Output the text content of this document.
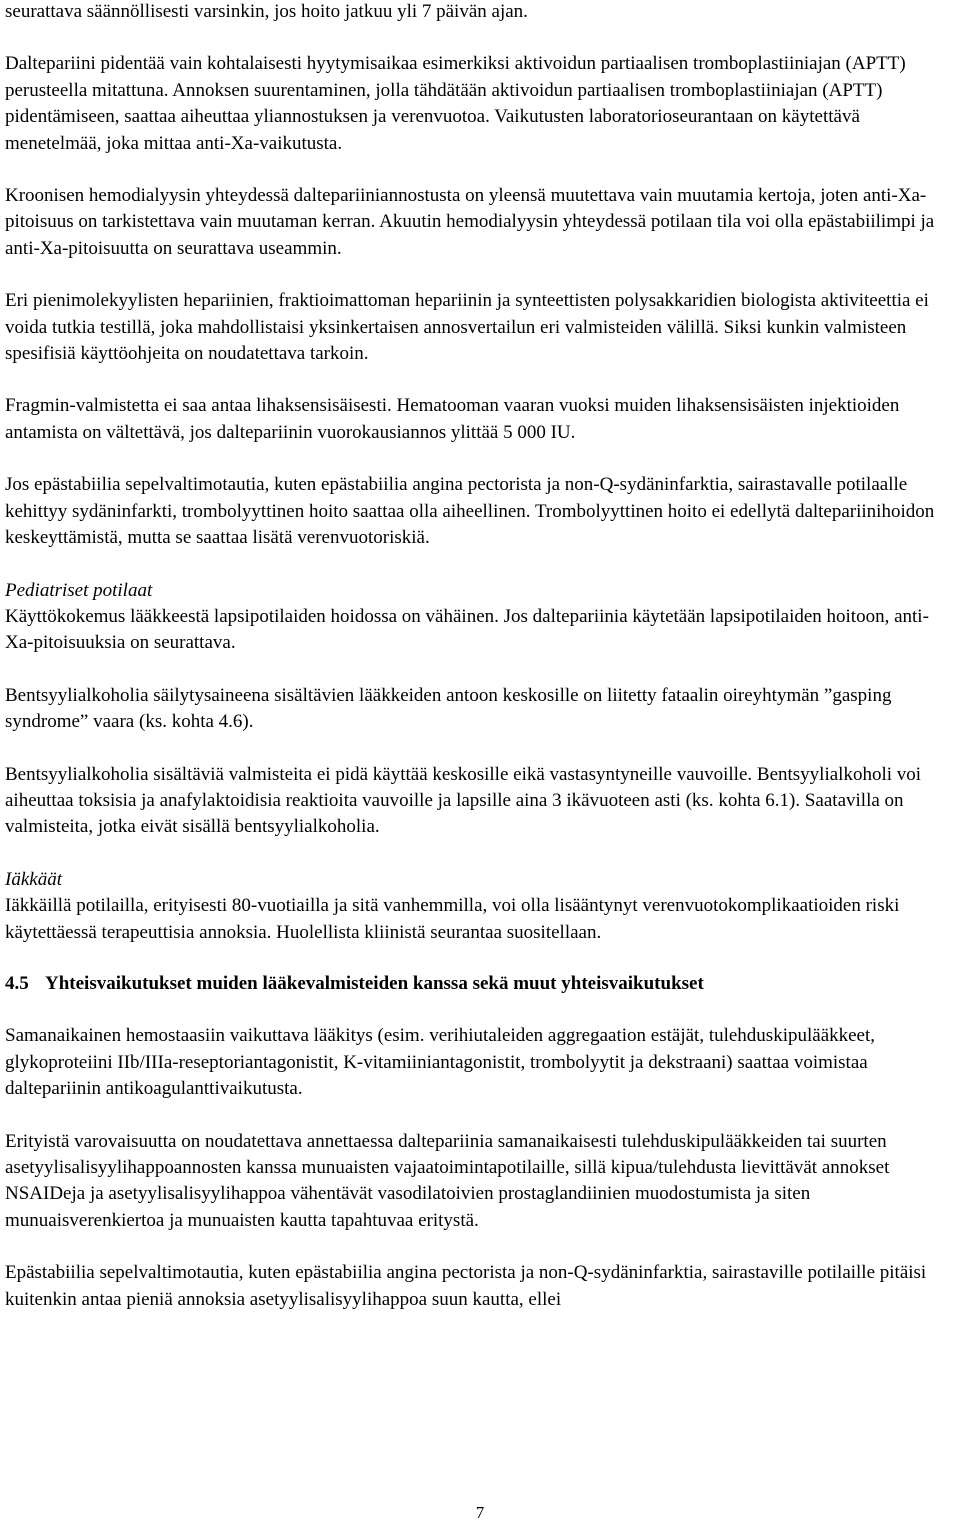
seurattava säännöllisesti varsinkin, jos hoito jatkuu yli 7 päivän ajan.

Daltepariini pidentää vain kohtalaisesti hyytymisaikaa esimerkiksi aktivoidun partiaalisen tromboplastiiniajan (APTT) perusteella mitattuna. Annoksen suurentaminen, jolla tähdätään aktivoidun partiaalisen tromboplastiiniajan (APTT) pidentämiseen, saattaa aiheuttaa yliannostuksen ja verenvuotoa. Vaikutusten laboratorioseurantaan on käytettävä menetelmää, joka mittaa anti-Xa-vaikutusta.

Kroonisen hemodialyysin yhteydessä daltepariiniannostusta on yleensä muutettava vain muutamia kertoja, joten anti-Xa-pitoisuus on tarkistettava vain muutaman kerran. Akuutin hemodialyysin yhteydessä potilaan tila voi olla epästabiilimpi ja anti-Xa-pitoisuutta on seurattava useammin.

Eri pienimolekyylisten hepariinien, fraktioimattoman hepariinin ja synteettisten polysakkaridien biologista aktiviteettia ei voida tutkia testillä, joka mahdollistaisi yksinkertaisen annosvertailun eri valmisteiden välillä. Siksi kunkin valmisteen spesifisiä käyttöohjeita on noudatettava tarkoin.

Fragmin-valmistetta ei saa antaa lihaksensisäisesti. Hematooman vaaran vuoksi muiden lihaksensisäisten injektioiden antamista on vältettävä, jos daltepariinin vuorokausiannos ylittää 5 000 IU.

Jos epästabiilia sepelvaltimotautia, kuten epästabiilia angina pectorista ja non-Q-sydäninfarktia, sairastavalle potilaalle kehittyy sydäninfarkti, trombolyyttinen hoito saattaa olla aiheellinen. Trombolyyttinen hoito ei edellytä daltepariinihoidon keskeyttämistä, mutta se saattaa lisätä verenvuotoriskiä.

Pediatriset potilaat

Käyttökokemus lääkkeestä lapsipotilaiden hoidossa on vähäinen. Jos daltepariinia käytetään lapsipotilaiden hoitoon, anti-Xa-pitoisuuksia on seurattava.

Bentsyylialkoholia säilytysaineena sisältävien lääkkeiden antoon keskosille on liitetty fataalin oireyhtymän ”gasping syndrome” vaara (ks. kohta 4.6).

Bentsyylialkoholia sisältäviä valmisteita ei pidä käyttää keskosille eikä vastasyntyneille vauvoille. Bentsyylialkoholi voi aiheuttaa toksisia ja anafylaktoidisia reaktioita vauvoille ja lapsille aina 3 ikävuoteen asti (ks. kohta 6.1). Saatavilla on valmisteita, jotka eivät sisällä bentsyylialkoholia.

Iäkkäät

Iäkkäillä potilailla, erityisesti 80-vuotiailla ja sitä vanhemmilla, voi olla lisääntynyt verenvuotokomplikaatioiden riski käytettäessä terapeuttisia annoksia. Huolellista kliinistä seurantaa suositellaan.

4.5 Yhteisvaikutukset muiden lääkevalmisteiden kanssa sekä muut yhteisvaikutukset

Samanaikainen hemostaasiin vaikuttava lääkitys (esim. verihiutaleiden aggregaation estäjät, tulehduskipulääkkeet, glykoproteiini IIb/IIIa-reseptoriantagonistit, K-vitamiiniantagonistit, trombolyytit ja dekstraani) saattaa voimistaa daltepariinin antikoagulanttivaikutusta.

Erityistä varovaisuutta on noudatettava annettaessa daltepariinia samanaikaisesti tulehduskipulääkkeiden tai suurten asetyylisalisyylihappoannosten kanssa munuaisten vajaatoimintapotilaille, sillä kipua/tulehdusta lievittävät annokset NSAIDeja ja asetyylisalisyylihappoa vähentävät vasodilatoivien prostaglandiinien muodostumista ja siten munuaisverenkiertoa ja munuaisten kautta tapahtuvaa eritystä.

Epästabiilia sepelvaltimotautia, kuten epästabiilia angina pectorista ja non-Q-sydäninfarktia, sairastaville potilaille pitäisi kuitenkin antaa pieniä annoksia asetyylisalisyylihappoa suun kautta, ellei

7
